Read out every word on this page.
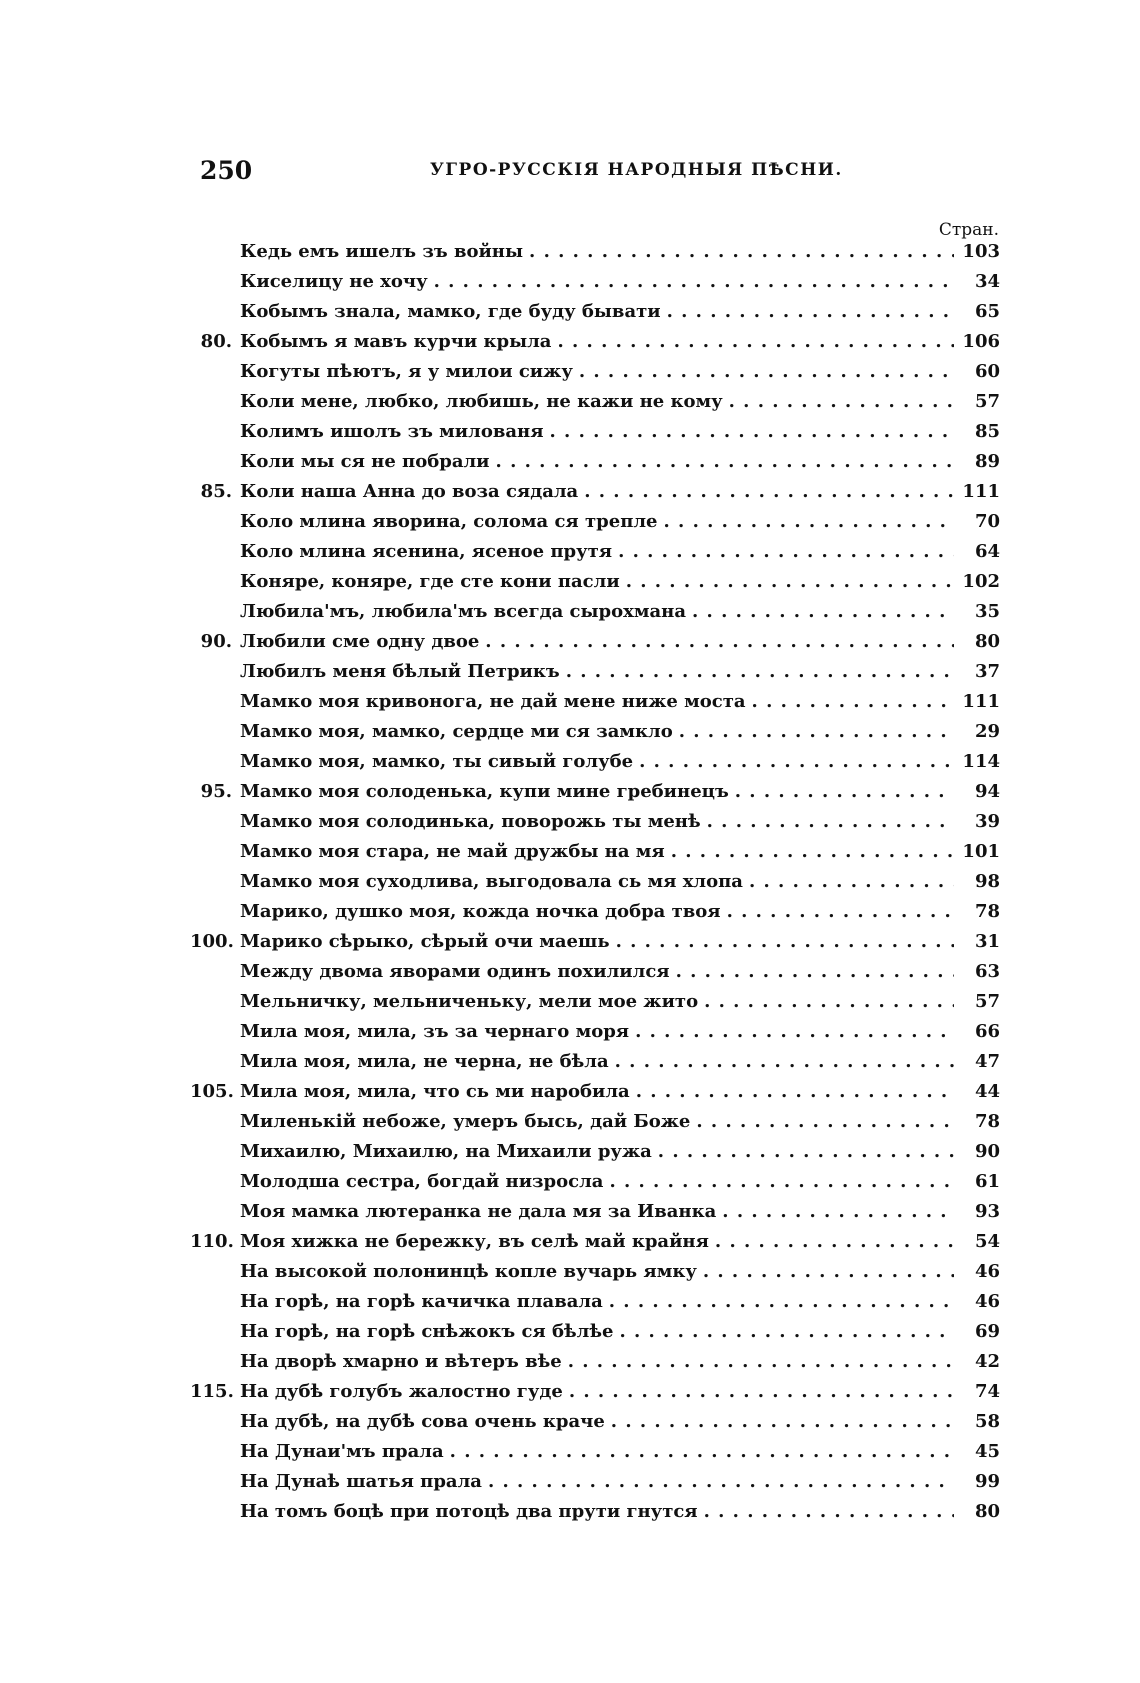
250	УГРО-РУССКІЯ НАРОДНЫЯ ПѢСНИ.
Стран.
Кедь емъ ишелъ зъ войны . . .	103
Киселицу не хочу . . .	34
Кобымъ знала, мамко, где буду бывати . . .	65
80. Кобымъ я мавъ курчи крыла . . .	106
Когуты пѣютъ, я у милои сижу . . .	60
Коли мене, любко, любишь, не кажи не кому . . .	57
Колимъ ишолъ зъ милованя . . .	85
Коли мы ся не побрали . . .	89
85. Коли наша Анна до воза сядала . . .	111
Коло млина яворина, солома ся трепле . . .	70
Коло млина ясенина, ясеное прутя . . .	64
Коняре, коняре, где сте кони пасли . . .	102
Любила'мъ, любила'мъ всегда сырохмана . . .	35
90. Любили сме одну двое . . .	80
Любилъ меня бѣлый Петрикъ . . .	37
Мамко моя кривонога, не дай мене ниже моста . . .	111
Мамко моя, мамко, сердце ми ся замкло . . .	29
Мамко моя, мамко, ты сивый голубе . . .	114
95. Мамко моя солоденька, купи мине гребинецъ . . .	94
Мамко моя солодинька, поворожь ты менѣ . . .	39
Мамко моя стара, не май дружбы на мя . . .	101
Мамко моя суходлива, выгодовала сь мя хлопа . . .	98
Марико, душко моя, кожда ночка добра твоя . . .	78
100. Марико сѣрыко, сѣрый очи маешь . . .	31
Между двома яворами одинъ похилился . . .	63
Мельничку, мельниченьку, мели мое жито . . .	57
Мила моя, мила, зъ за чернаго моря . . .	66
Мила моя, мила, не черна, не бѣла . . .	47
105. Мила моя, мила, что сь ми наробила . . .	44
Миленькій небоже, умеръ бысь, дай Боже . . .	78
Михаилю, Михаилю, на Михаили ружа . . .	90
Молодша сестра, богдай низросла . . .	61
Моя мамка лютеранка не дала мя за Иванка . . .	93
110. Моя хижка не бережку, въ селѣ май крайня . . .	54
На высокой полонинцѣ копле вучарь ямку . . .	46
На горѣ, на горѣ качичка плавала . . .	46
На горѣ, на горѣ снѣжокъ ся бѣлѣе . . .	69
На дворѣ хмарно и вѣтеръ вѣе . . .	42
115. На дубѣ голубъ жалостно гуде . . .	74
На дубѣ, на дубѣ сова очень краче . . .	58
На Дунаи'мъ прала . . .	45
На Дунаѣ шатья прала . . .	99
На томъ боцѣ при потоцѣ два прути гнутся . . .	80
